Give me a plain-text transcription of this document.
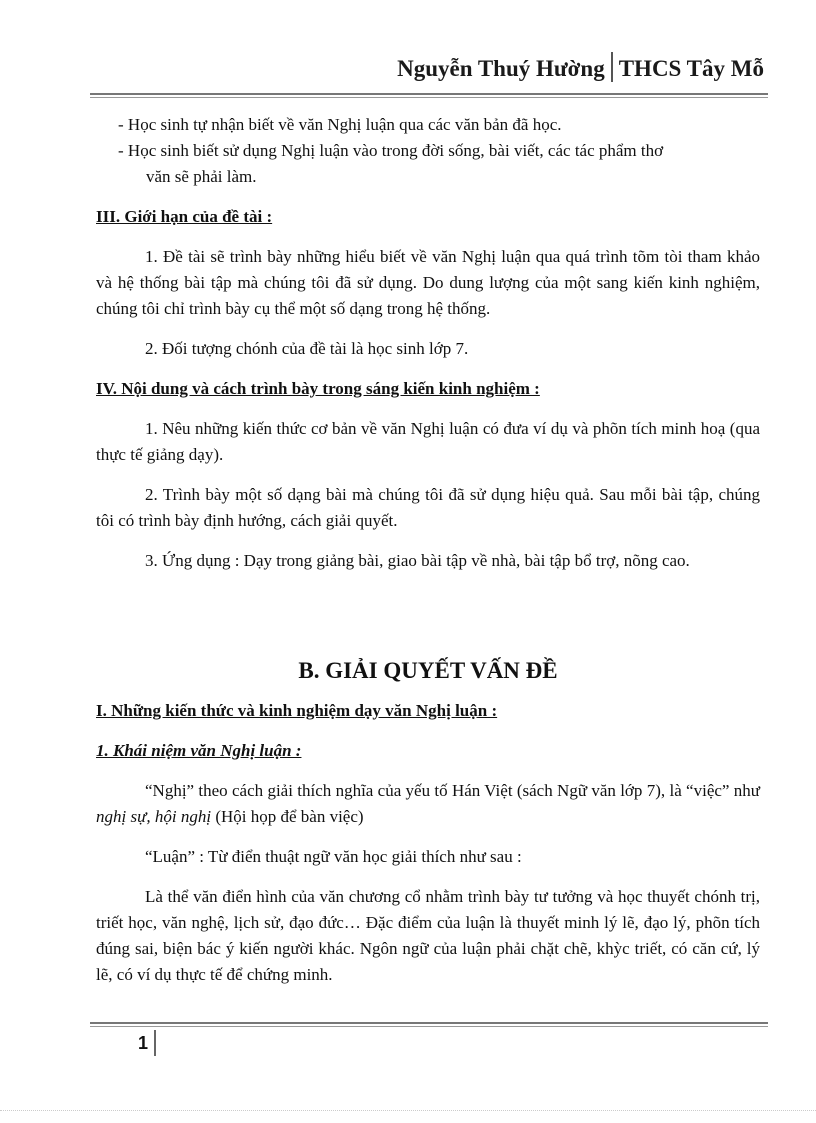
Nguyễn Thuý Hường THCS Tây Mỗ

- Học sinh tự nhận biết về văn Nghị luận qua các văn bản đã học.

- Học sinh biết sử dụng Nghị luận vào trong đời sống, bài viết, các tác phẩm thơ
văn sẽ phải làm.

III. Giới hạn của đề tài :

1. Đề tài sẽ trình bày những hiểu biết về văn Nghị luận qua quá trình tõm tòi tham khảo và hệ thống bài tập mà chúng tôi đã sử dụng. Do dung lượng của một sang kiến kinh nghiệm, chúng tôi chỉ trình bày cụ thể một số dạng trong hệ thống.

2. Đối tượng chónh của đề tài là học sinh lớp 7.

IV. Nội dung và cách trình bày trong sáng kiến kinh nghiệm :

1. Nêu những kiến thức cơ bản về văn Nghị luận có đưa ví dụ và phõn tích minh hoạ (qua thực tế giảng dạy).

2. Trình bày một số dạng bài mà chúng tôi đã sử dụng hiệu quả. Sau mỗi bài tập, chúng tôi có trình bày định hướng, cách giải quyết.

3. Ứng dụng : Dạy trong giảng bài, giao bài tập về nhà, bài tập bổ trợ, nõng cao.

B. GIẢI QUYẾT VẤN ĐỀ

I. Những kiến thức và kinh nghiệm dạy văn Nghị luận :

1. Khái niệm văn Nghị luận :

“Nghị” theo cách giải thích nghĩa của yếu tố Hán Việt (sách Ngữ văn lớp 7), là “việc” như nghị sự, hội nghị (Hội họp để bàn việc)

“Luận” : Từ điển thuật ngữ văn học giải thích như sau :

Là thể văn điển hình của văn chương cổ nhằm trình bày tư tưởng và học thuyết chónh trị, triết học, văn nghệ, lịch sử, đạo đức… Đặc điểm của luận là thuyết minh lý lẽ, đạo lý, phõn tích đúng sai, biện bác ý kiến người khác. Ngôn ngữ của luận phải chặt chẽ, khỳc triết, có căn cứ, lý lẽ, có ví dụ thực tế để chứng minh.

1
